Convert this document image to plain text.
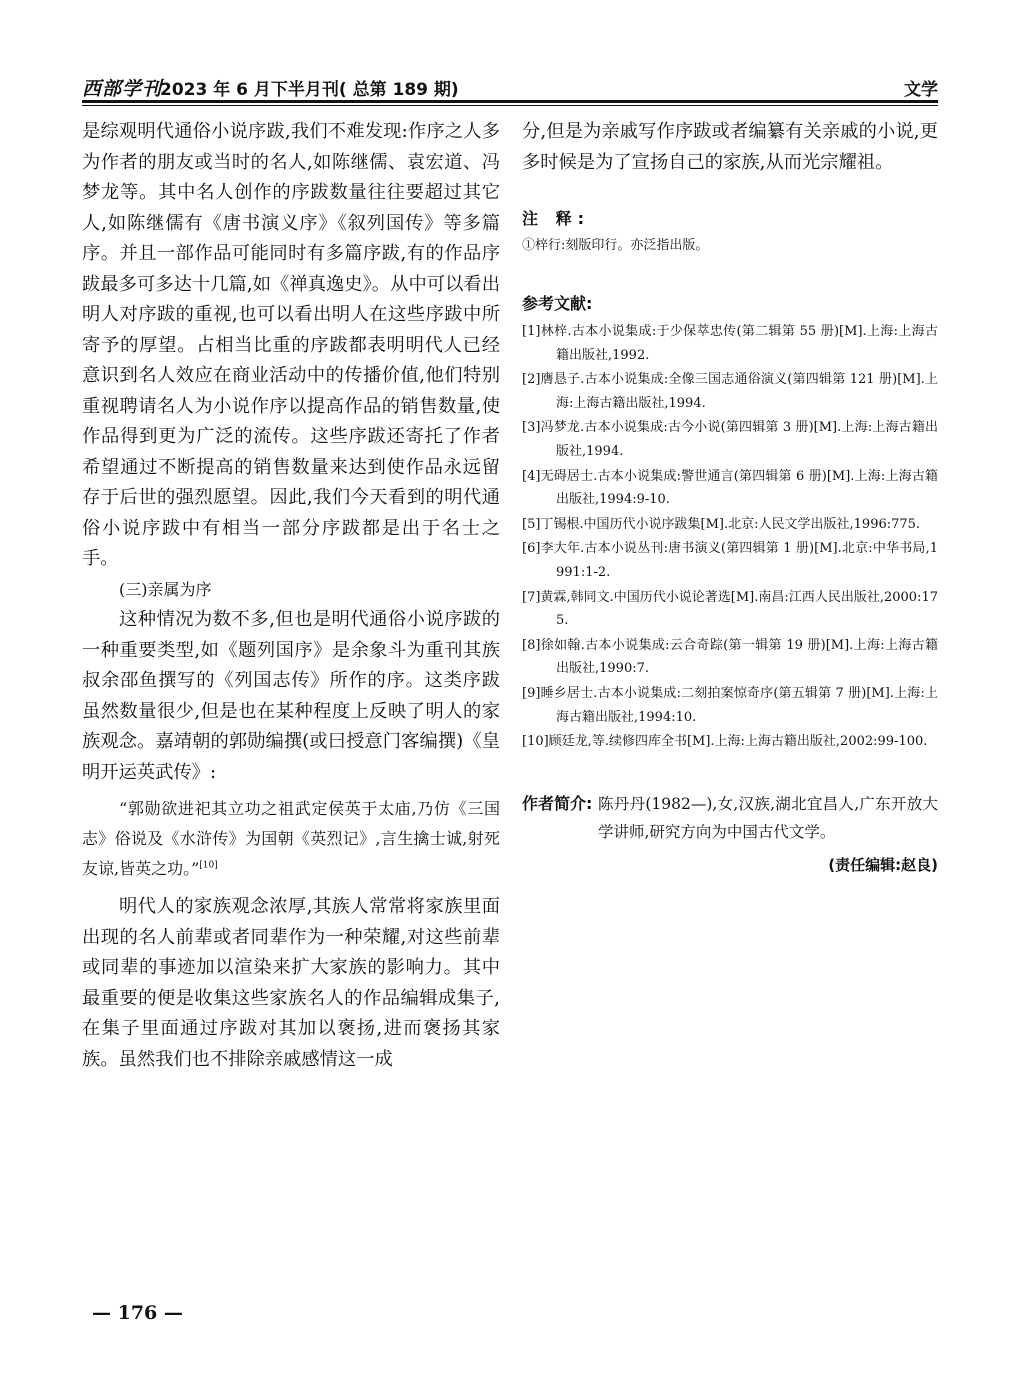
西部学刊
2023 年 6 月下半月刊( 总第 189 期)	文学

是综观明代通俗小说序跋,我们不难发现:作序之人多为作者的朋友或当时的名人,如陈继儒、袁宏道、冯梦龙等。其中名人创作的序跋数量往往要超过其它人,如陈继儒有《唐书演义序》《叙列国传》等多篇序。并且一部作品可能同时有多篇序跋,有的作品序跋最多可多达十几篇,如《禅真逸史》。从中可以看出明人对序跋的重视,也可以看出明人在这些序跋中所寄予的厚望。占相当比重的序跋都表明明代人已经意识到名人效应在商业活动中的传播价值,他们特别重视聘请名人为小说作序以提高作品的销售数量,使作品得到更为广泛的流传。这些序跋还寄托了作者希望通过不断提高的销售数量来达到使作品永远留存于后世的强烈愿望。因此,我们今天看到的明代通俗小说序跋中有相当一部分序跋都是出于名士之手。

(三)亲属为序

这种情况为数不多,但也是明代通俗小说序跋的一种重要类型,如《题列国序》是余象斗为重刊其族叔余邵鱼撰写的《列国志传》所作的序。这类序跋虽然数量很少,但是也在某种程度上反映了明人的家族观念。嘉靖朝的郭勋编撰(或曰授意门客编撰)《皇明开运英武传》:

“郭勋欲进祀其立功之祖武定侯英于太庙,乃仿《三国志》俗说及《水浒传》为国朝《英烈记》,言生擒士诚,射死友谅,皆英之功。”[10]

明代人的家族观念浓厚,其族人常常将家族里面出现的名人前辈或者同辈作为一种荣耀,对这些前辈或同辈的事迹加以渲染来扩大家族的影响力。其中最重要的便是收集这些家族名人的作品编辑成集子,在集子里面通过序跋对其加以褒扬,进而褒扬其家族。虽然我们也不排除亲戚感情这一成

分,但是为亲戚写作序跋或者编纂有关亲戚的小说,更多时候是为了宣扬自己的家族,从而光宗耀祖。

注 释:

①梓行:刻版印行。亦泛指出版。

参考文献:

[1]林梓.古本小说集成:于少保萃忠传(第二辑第 55 册)[M].上海:上海古籍出版社,1992.

[2]膺恳子.古本小说集成:全像三国志通俗演义(第四辑第 121 册)[M].上海:上海古籍出版社,1994.

[3]冯梦龙.古本小说集成:古今小说(第四辑第 3 册)[M].上海:上海古籍出版社,1994.

[4]无碍居士.古本小说集成:警世通言(第四辑第 6 册)[M].上海:上海古籍出版社,1994:9-10.

[5]丁锡根.中国历代小说序跋集[M].北京:人民文学出版社,1996:775.

[6]李大年.古本小说丛刊:唐书演义(第四辑第 1 册)[M].北京:中华书局,1991:1-2.

[7]黄霖,韩同文.中国历代小说论著选[M].南昌:江西人民出版社,2000:175.

[8]徐如翰.古本小说集成:云合奇踪(第一辑第 19 册)[M].上海:上海古籍出版社,1990:7.

[9]睡乡居士.古本小说集成:二刻拍案惊奇序(第五辑第 7 册)[M].上海:上海古籍出版社,1994:10.

[10]顾廷龙,等.续修四库全书[M].上海:上海古籍出版社,2002:99-100.

作者简介: 陈丹丹(1982—),女,汉族,湖北宜昌人,广东开放大学讲师,研究方向为中国古代文学。
(责任编辑:赵良)
— 176 —
